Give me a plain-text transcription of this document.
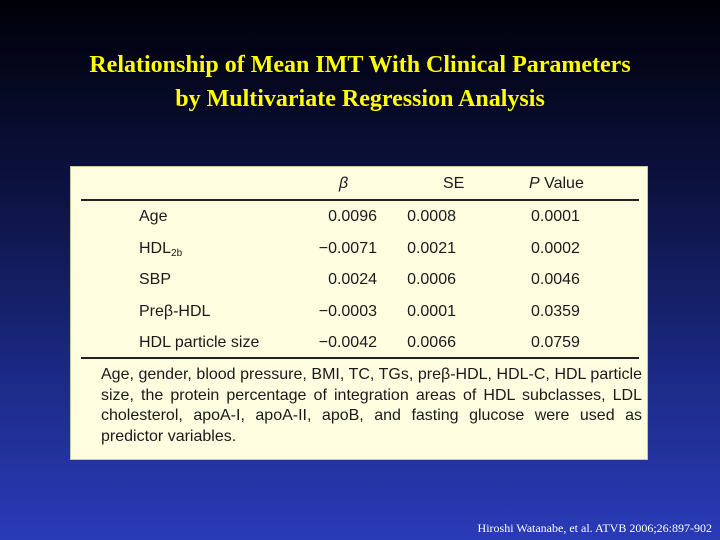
Relationship of Mean IMT With Clinical Parameters
by Multivariate Regression Analysis
β	SE	P Value
Age	0.0096 0.0008	0.0001
$HDL_{2b}$	−0.0071 0.0021	0.0002
SBP	0.0024 0.0006	0.0046
Preβ-HDL	−0.0003 0.0001	0.0359
HDL particle size	−0.0042 0.0066	0.0759
Age, gender, blood pressure, BMI, TC, TGs, preβ-HDL, HDL-C, HDL particle size, the protein percentage of integration areas of HDL subclasses, LDL cholesterol, apoA-I, apoA-II, apoB, and fasting glucose were used as predictor variables.
Hiroshi Watanabe, et al. ATVB 2006;26:897-902
